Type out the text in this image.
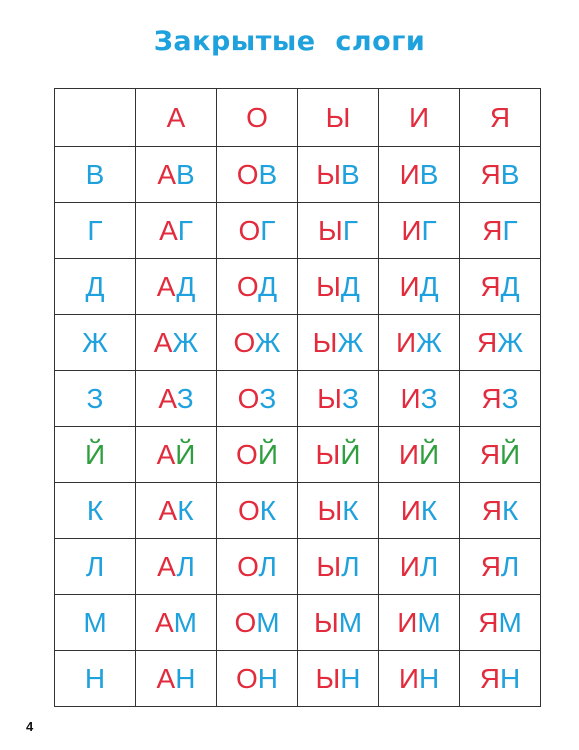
Закрытые  слоги
	А	О	Ы	И	Я
В	АВ	ОВ	ЫВ	ИВ	ЯВ
Г	АГ	ОГ	ЫГ	ИГ	ЯГ
Д	АД	ОД	ЫД	ИД	ЯД
Ж	АЖ	ОЖ	ЫЖ	ИЖ	ЯЖ
З	АЗ	ОЗ	ЫЗ	ИЗ	ЯЗ
Й	АЙ	ОЙ	ЫЙ	ИЙ	ЯЙ
К	АК	ОК	ЫК	ИК	ЯК
Л	АЛ	ОЛ	ЫЛ	ИЛ	ЯЛ
М	АМ	ОМ	ЫМ	ИМ	ЯМ
Н	АН	ОН	ЫН	ИН	ЯН
4
